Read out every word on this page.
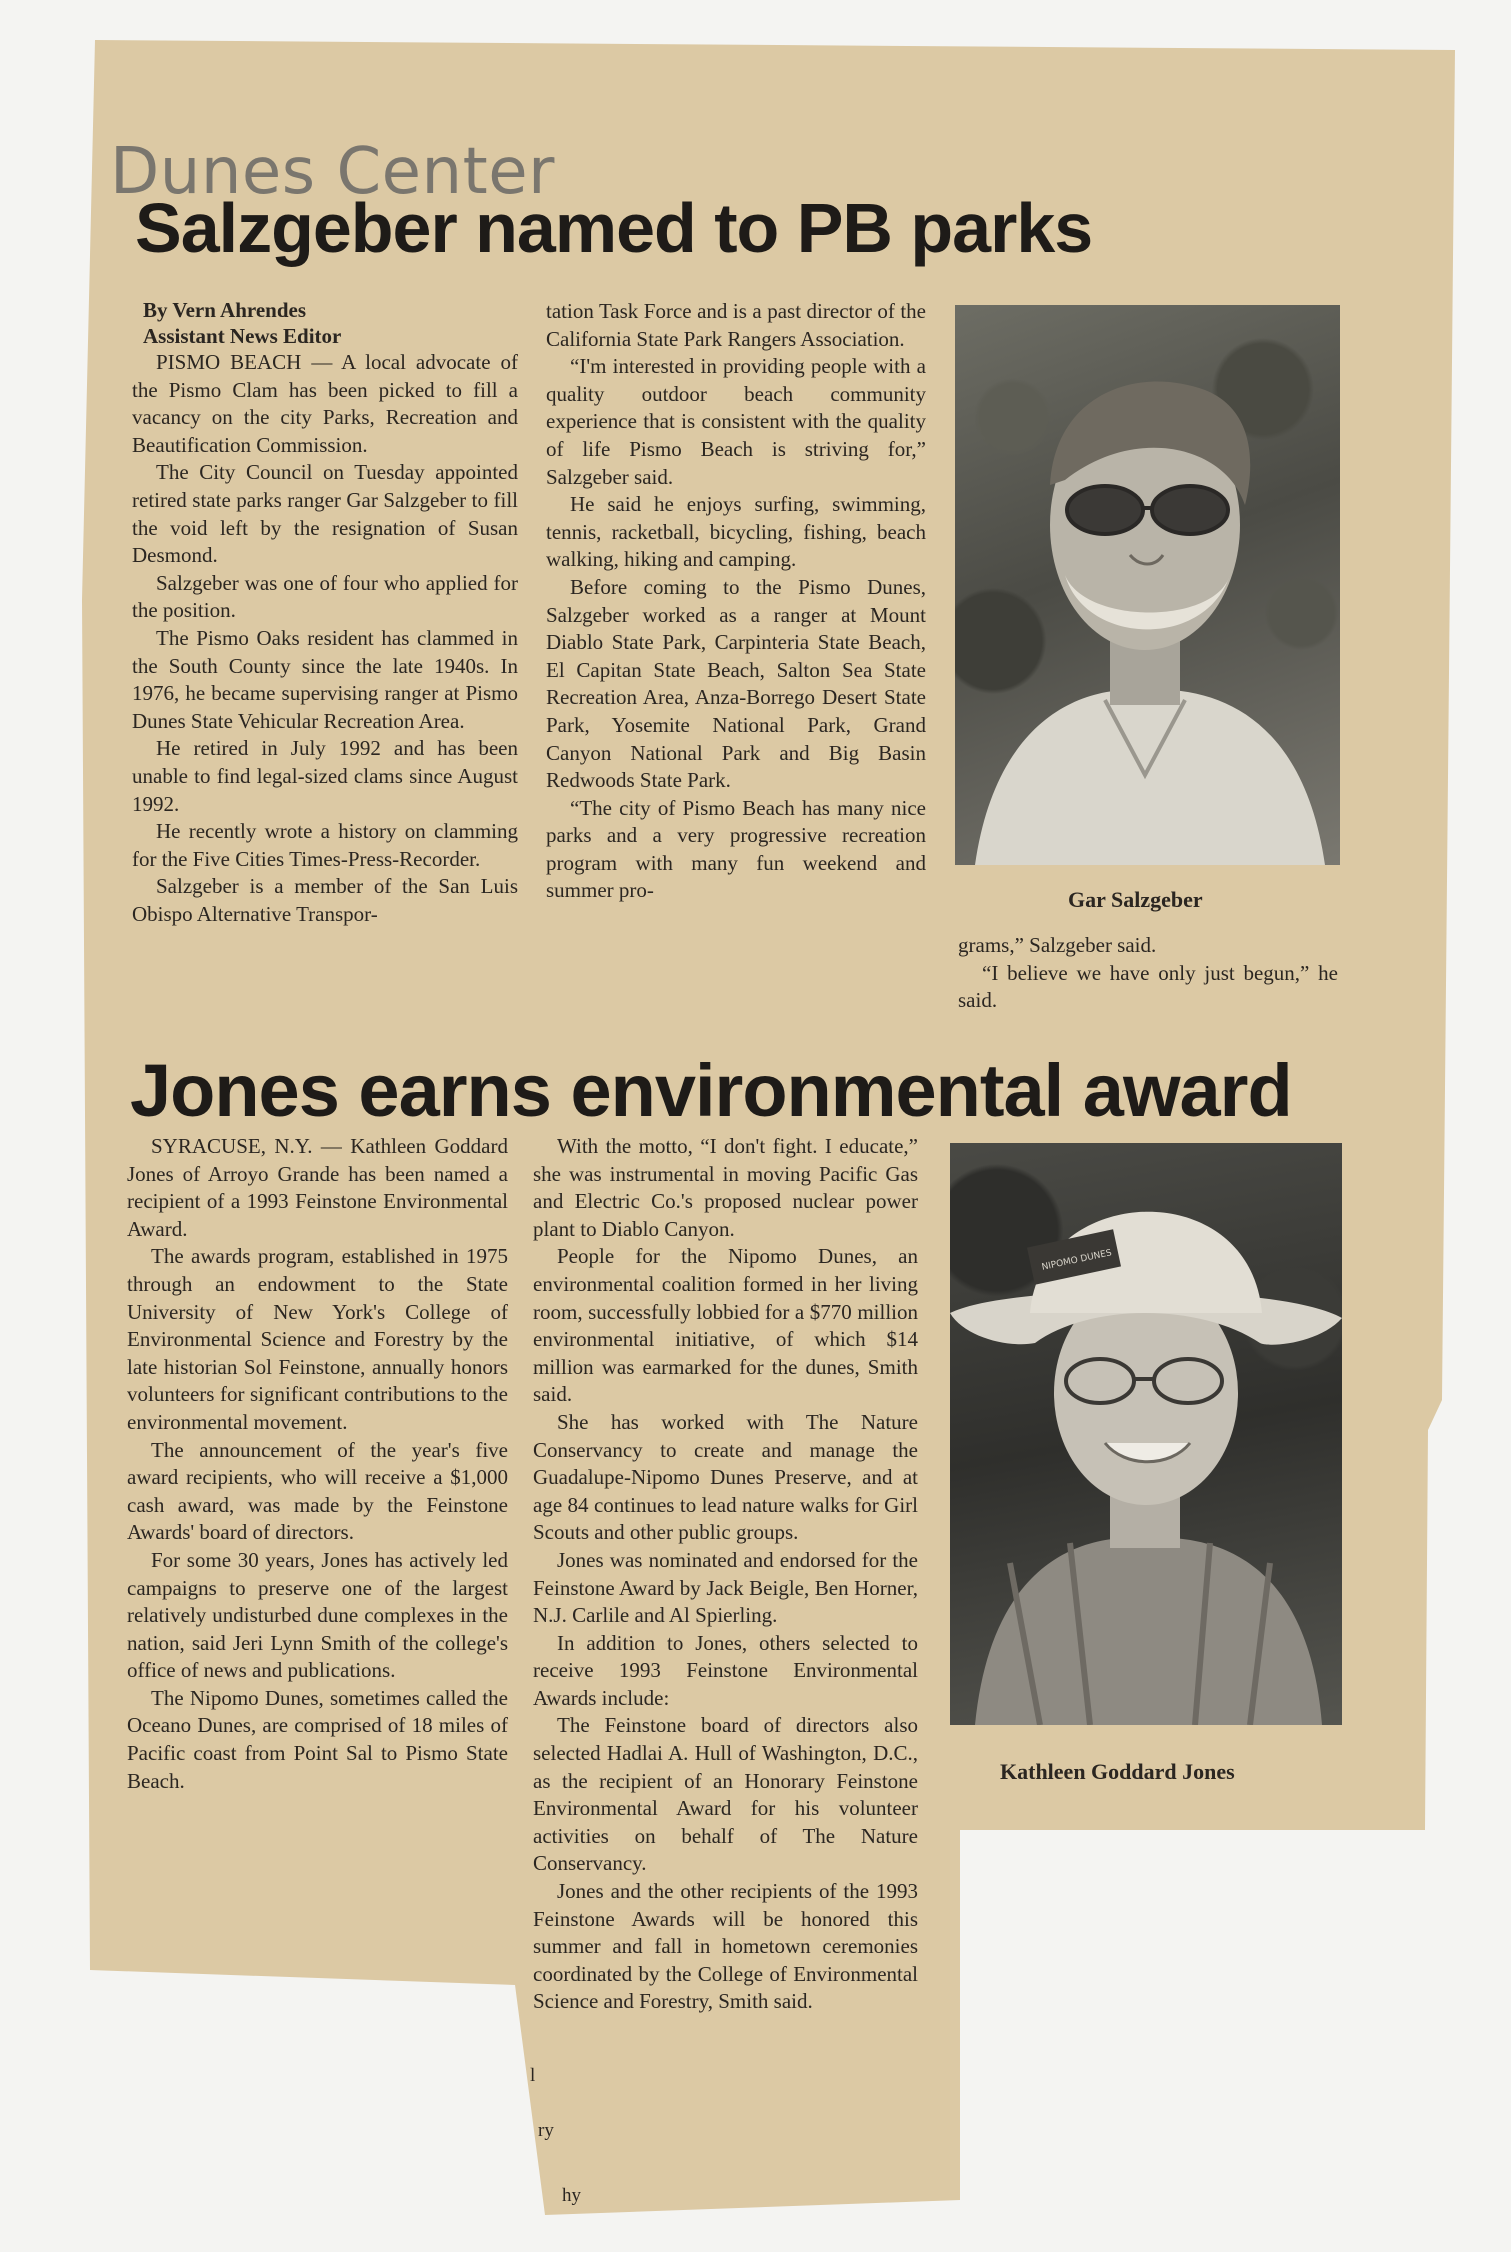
Dunes Center
Salzgeber named to PB parks
By Vern Ahrendes
Assistant News Editor

PISMO BEACH — A local advocate of the Pismo Clam has been picked to fill a vacancy on the city Parks, Recreation and Beautification Commission.

The City Council on Tuesday appointed retired state parks ranger Gar Salzgeber to fill the void left by the resignation of Susan Desmond.

Salzgeber was one of four who applied for the position.

The Pismo Oaks resident has clammed in the South County since the late 1940s. In 1976, he became supervising ranger at Pismo Dunes State Vehicular Recreation Area.

He retired in July 1992 and has been unable to find legal-sized clams since August 1992.

He recently wrote a history on clamming for the Five Cities Times-Press-Recorder.

Salzgeber is a member of the San Luis Obispo Alternative Transpor-

tation Task Force and is a past director of the California State Park Rangers Association.

“I'm interested in providing people with a quality outdoor beach community experience that is consistent with the quality of life Pismo Beach is striving for,” Salzgeber said.

He said he enjoys surfing, swimming, tennis, racketball, bicycling, fishing, beach walking, hiking and camping.

Before coming to the Pismo Dunes, Salzgeber worked as a ranger at Mount Diablo State Park, Carpinteria State Beach, El Capitan State Beach, Salton Sea State Recreation Area, Anza-Borrego Desert State Park, Yosemite National Park, Grand Canyon National Park and Big Basin Redwoods State Park.

“The city of Pismo Beach has many nice parks and a very progressive recreation program with many fun weekend and summer pro-	Gar Salzgeber

grams,” Salzgeber said.

“I believe we have only just begun,” he said.

Jones earns environmental award

SYRACUSE, N.Y. — Kathleen Goddard Jones of Arroyo Grande has been named a recipient of a 1993 Feinstone Environmental Award.

The awards program, established in 1975 through an endowment to the State University of New York's College of Environmental Science and Forestry by the late historian Sol Feinstone, annually honors volunteers for significant contributions to the environmental movement.

The announcement of the year's five award recipients, who will receive a $1,000 cash award, was made by the Feinstone Awards' board of directors.

For some 30 years, Jones has actively led campaigns to preserve one of the largest relatively undisturbed dune complexes in the nation, said Jeri Lynn Smith of the college's office of news and publications.

The Nipomo Dunes, sometimes called the Oceano Dunes, are comprised of 18 miles of Pacific coast from Point Sal to Pismo State Beach.

With the motto, “I don't fight. I educate,” she was instrumental in moving Pacific Gas and Electric Co.'s proposed nuclear power plant to Diablo Canyon.

People for the Nipomo Dunes, an environmental coalition formed in her living room, successfully lobbied for a $770 million environmental initiative, of which $14 million was earmarked for the dunes, Smith said.

She has worked with The Nature Conservancy to create and manage the Guadalupe-Nipomo Dunes Preserve, and at age 84 continues to lead nature walks for Girl Scouts and other public groups.

Jones was nominated and endorsed for the Feinstone Award by Jack Beigle, Ben Horner, N.J. Carlile and Al Spierling.

In addition to Jones, others selected to receive 1993 Feinstone Environmental Awards include:

The Feinstone board of directors also selected Hadlai A. Hull of Washington, D.C., as the recipient of an Honorary Feinstone Environmental Award for his volunteer activities on behalf of The Nature Conservancy.

Jones and the other recipients of the 1993 Feinstone Awards will be honored this summer and fall in hometown ceremonies coordinated by the College of Environmental Science and Forestry, Smith said.

NIPOMO DUNES

Kathleen Goddard Jones

l

ry

hy
